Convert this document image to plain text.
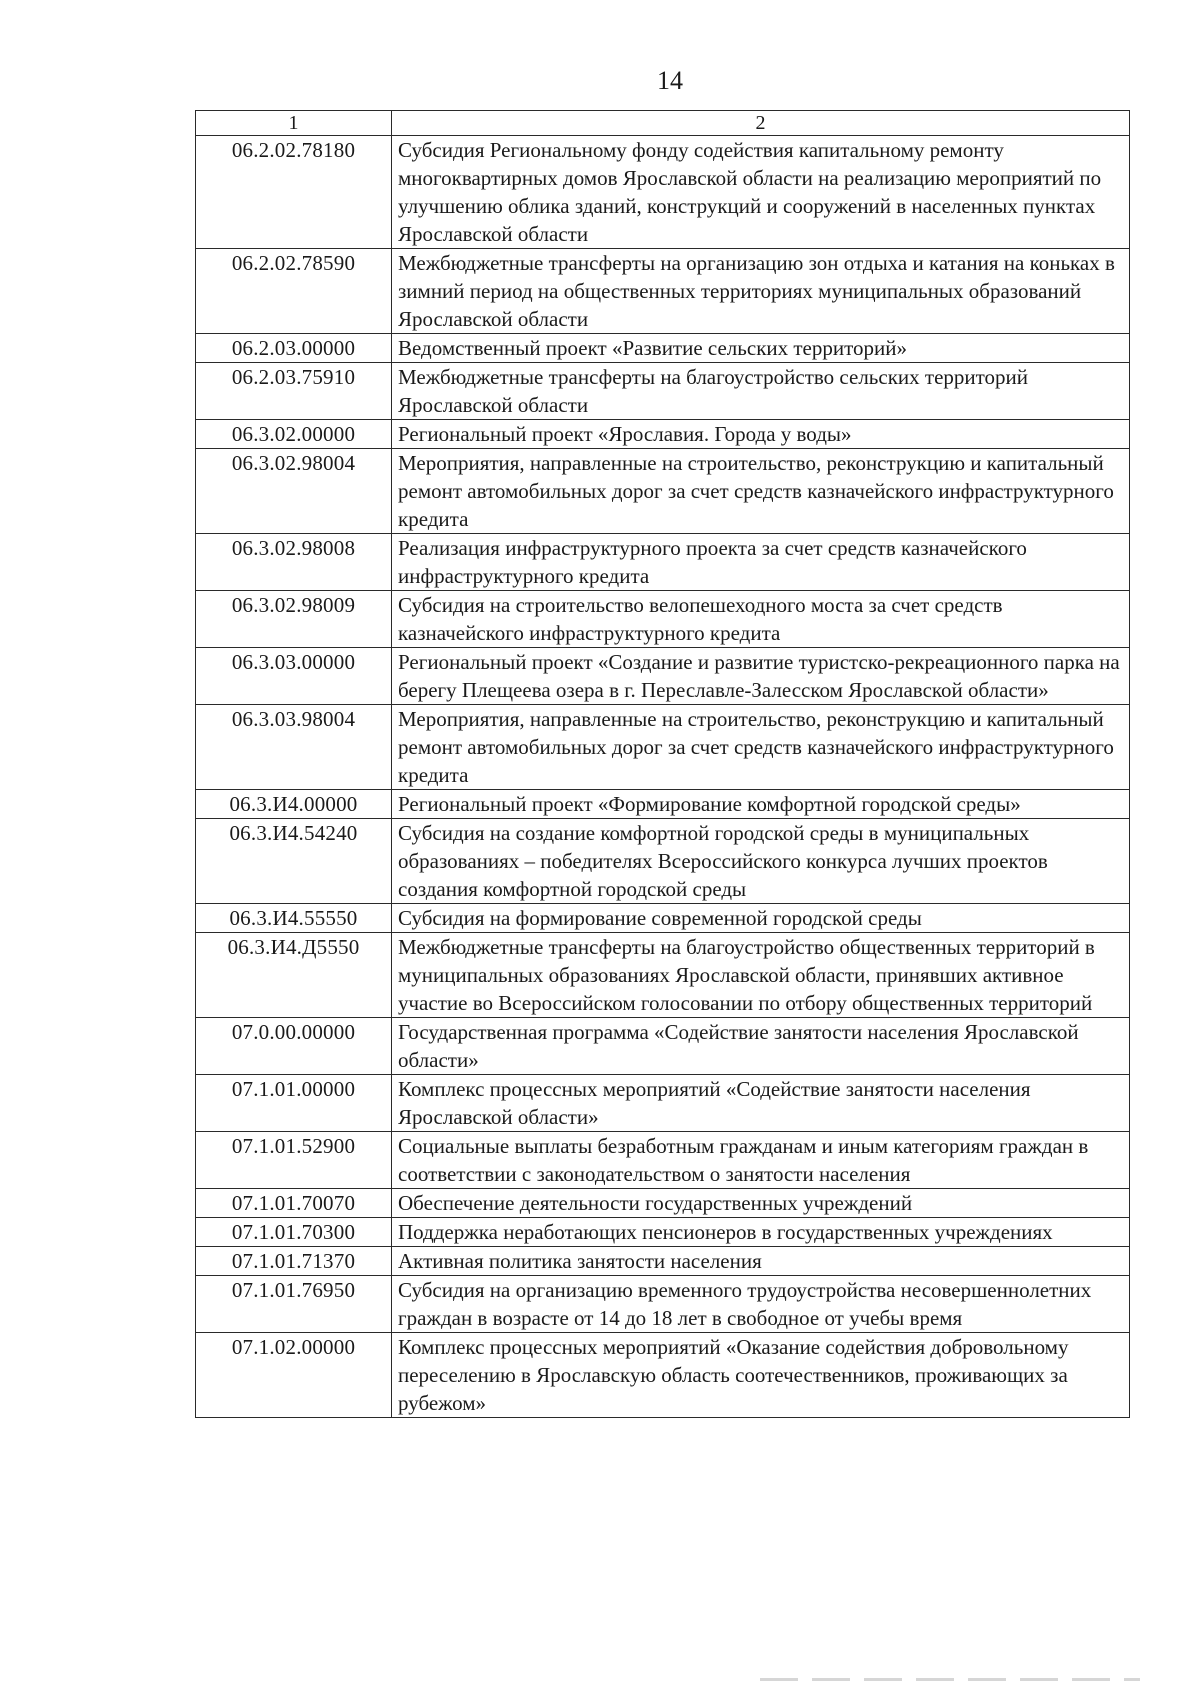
14
1	2
06.2.02.78180	Субсидия Региональному фонду содействия капитальному ремонту многоквартирных домов Ярославской области на реализацию мероприятий по улучшению облика зданий, конструкций и сооружений в населенных пунктах Ярославской области
06.2.02.78590	Межбюджетные трансферты на организацию зон отдыха и катания на коньках в зимний период на общественных территориях муниципальных образований Ярославской области
06.2.03.00000	Ведомственный проект «Развитие сельских территорий»
06.2.03.75910	Межбюджетные трансферты на благоустройство сельских территорий Ярославской области
06.3.02.00000	Региональный проект «Ярославия. Города у воды»
06.3.02.98004	Мероприятия, направленные на строительство, реконструкцию и капитальный ремонт автомобильных дорог за счет средств казначейского инфраструктурного кредита
06.3.02.98008	Реализация инфраструктурного проекта за счет средств казначейского инфраструктурного кредита
06.3.02.98009	Субсидия на строительство велопешеходного моста за счет средств казначейского инфраструктурного кредита
06.3.03.00000	Региональный проект «Создание и развитие туристско-рекреационного парка на берегу Плещеева озера в г. Переславле-Залесском Ярославской области»
06.3.03.98004	Мероприятия, направленные на строительство, реконструкцию и капитальный ремонт автомобильных дорог за счет средств казначейского инфраструктурного кредита
06.3.И4.00000	Региональный проект «Формирование комфортной городской среды»
06.3.И4.54240	Субсидия на создание комфортной городской среды в муниципальных образованиях – победителях Всероссийского конкурса лучших проектов создания комфортной городской среды
06.3.И4.55550	Субсидия на формирование современной городской среды
06.3.И4.Д5550	Межбюджетные трансферты на благоустройство общественных территорий в муниципальных образованиях Ярославской области, принявших активное участие во Всероссийском голосовании по отбору общественных территорий
07.0.00.00000	Государственная программа «Содействие занятости населения Ярославской области»
07.1.01.00000	Комплекс процессных мероприятий «Содействие занятости населения Ярославской области»
07.1.01.52900	Социальные выплаты безработным гражданам и иным категориям граждан в соответствии с законодательством о занятости населения
07.1.01.70070	Обеспечение деятельности государственных учреждений
07.1.01.70300	Поддержка неработающих пенсионеров в государственных учреждениях
07.1.01.71370	Активная политика занятости населения
07.1.01.76950	Субсидия на организацию временного трудоустройства несовершеннолетних граждан в возрасте от 14 до 18 лет в свободное от учебы время
07.1.02.00000	Комплекс процессных мероприятий «Оказание содействия добровольному переселению в Ярославскую область соотечественников, проживающих за рубежом»
